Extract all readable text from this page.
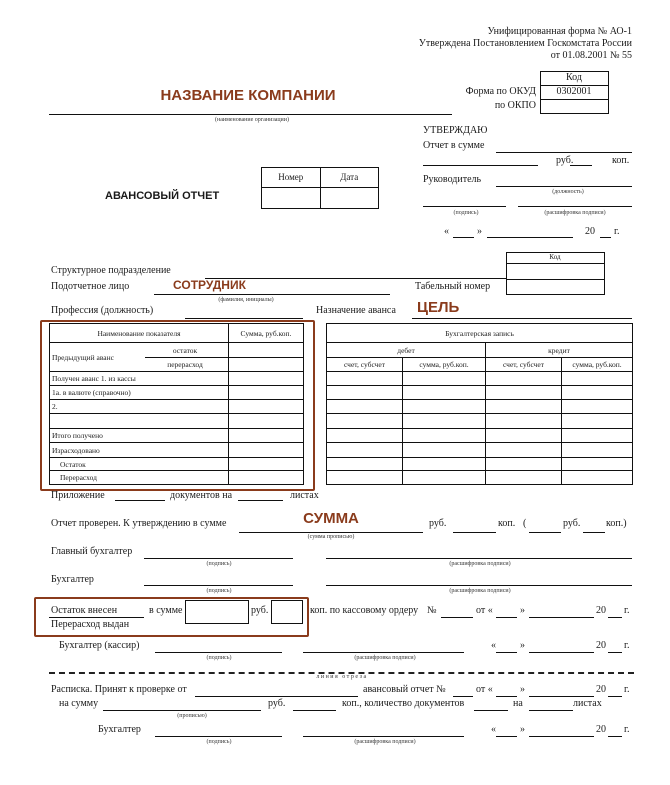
Унифицированная форма № АО-1
Утверждена Постановлением Госкомстата России
от 01.08.2001 № 55
Код
0302001
Форма по ОКУД
по ОКПО
НАЗВАНИЕ КОМПАНИИ
(наименование организации)
УТВЕРЖДАЮ
Отчет в сумме
руб.	коп.
Руководитель
(должность)
(подпись)	(расшифровка подписи)
«	»	20 г.
АВАНСОВЫЙ ОТЧЕТ
Номер	Дата

Код
Структурное подразделение
Подотчетное лицо	СОТРУДНИК	Табельный номер
(фамилия, инициалы)
Профессия (должность)	Назначение аванса ЦЕЛЬ
Наименование показателя	Сумма, руб.коп.

Предыдущий аванс
остаток
перерасход	

Получен аванс 1. из кассы	
1а. в валюте (справочно)	
2.	

Итого получено	
Израсходовано	
Остаток	
Перерасход	
Бухгалтерская запись			
дебет		кредит	
счет, субсчет	сумма, руб.коп.	счет, субсчет	сумма, руб.коп.

Приложение	документов на	листах
Отчет проверен. К утверждению в сумме	СУММА
(сумма прописью)
руб.	коп. (	руб.	коп.)
Главный бухгалтер
(подпись)	(расшифровка подписи)
Бухгалтер
(подпись)	(расшифровка подписи)
Остаток внесен
Перерасход выдан
в сумме	руб.	коп. по кассовому ордеру №	от «	»	20 г.
Бухгалтер (кассир)
(подпись)	(расшифровка подписи)
« »	20 г.
линия отреза
Расписка. Принят к проверке от	авансовый отчет №	от «	»	20 г.
на сумму
(прописью)
руб.	коп., количество документов	на	листах
Бухгалтер
(подпись)	(расшифровка подписи)
« »	20 г.
